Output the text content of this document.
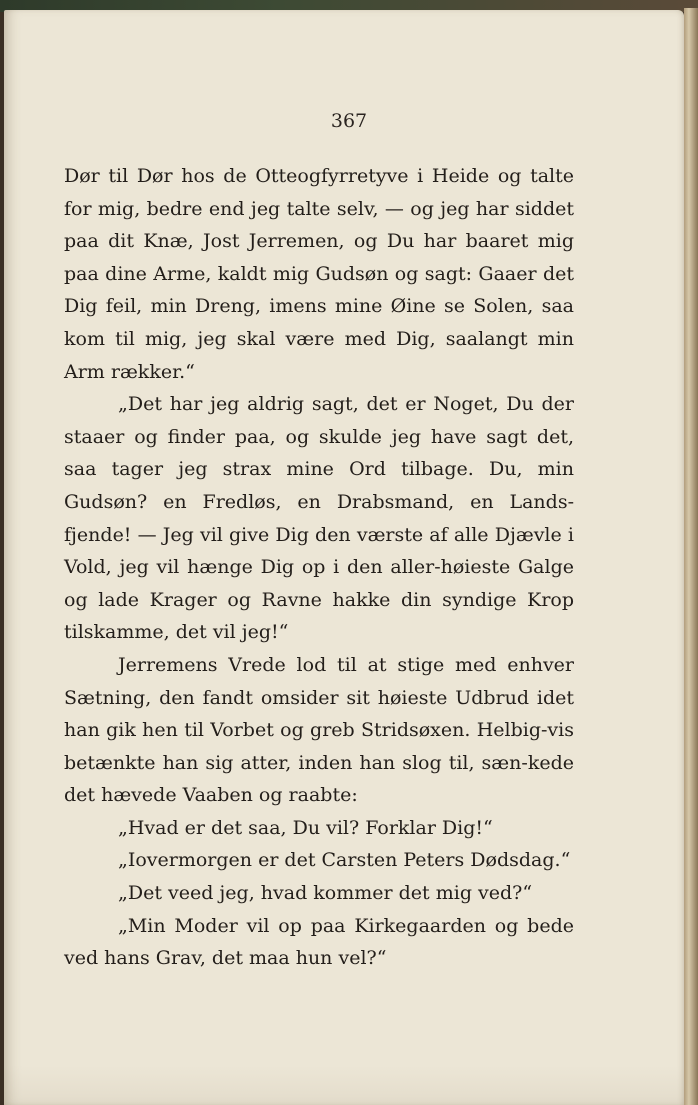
367

Dør til Dør hos de Otteogfyrretyve i Heide og talte for mig, bedre end jeg talte selv, — og jeg har siddet paa dit Knæ, Jost Jerremen, og Du har baaret mig paa dine Arme, kaldt mig Gudsøn og sagt: Gaaer det Dig feil, min Dreng, imens mine Øine se Solen, saa kom til mig, jeg skal være med Dig, saalangt min Arm rækker.“

„Det har jeg aldrig sagt, det er Noget, Du der staaer og finder paa, og skulde jeg have sagt det, saa tager jeg strax mine Ord tilbage. Du, min Gudsøn? en Fredløs, en Drabsmand, en Lands-fjende! — Jeg vil give Dig den værste af alle Djævle i Vold, jeg vil hænge Dig op i den aller-høieste Galge og lade Krager og Ravne hakke din syndige Krop tilskamme, det vil jeg!“

Jerremens Vrede lod til at stige med enhver Sætning, den fandt omsider sit høieste Udbrud idet han gik hen til Vorbet og greb Stridsøxen. Helbig-vis betænkte han sig atter, inden han slog til, sæn-kede det hævede Vaaben og raabte:

„Hvad er det saa, Du vil? Forklar Dig!“

„Iovermorgen er det Carsten Peters Dødsdag.“

„Det veed jeg, hvad kommer det mig ved?“

„Min Moder vil op paa Kirkegaarden og bede ved hans Grav, det maa hun vel?“
